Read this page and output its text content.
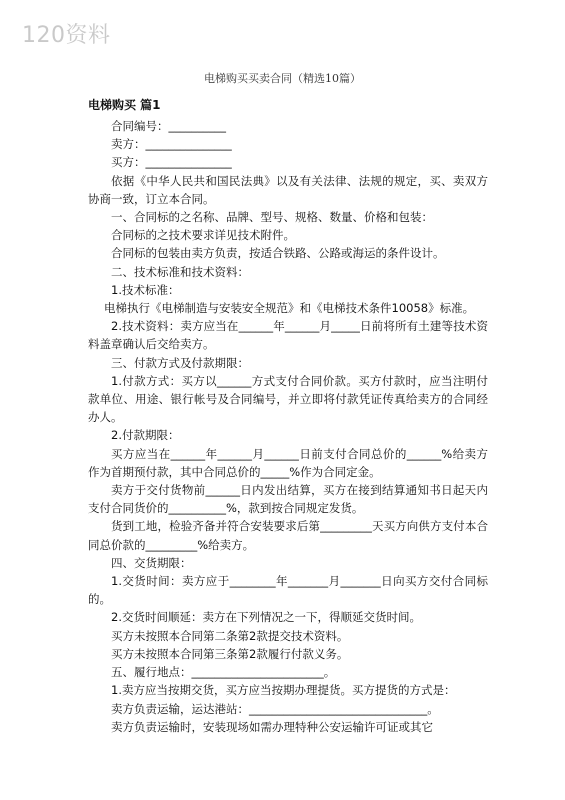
120资料
电梯购买买卖合同（精选10篇）
电梯购买 篇1

合同编号：__________

卖方：_______________

买方：_______________

依据《中华人民共和国民法典》以及有关法律、法规的规定，买、卖双方协商一致，订立本合同。

一、合同标的之名称、品牌、型号、规格、数量、价格和包装：

合同标的之技术要求详见技术附件。

合同标的包装由卖方负责，按适合铁路、公路或海运的条件设计。

二、技术标准和技术资料：

1.技术标准：

电梯执行《电梯制造与安装安全规范》和《电梯技术条件10058》标准。

2.技术资料：卖方应当在______年______月_____日前将所有土建等技术资料盖章确认后交给卖方。

三、付款方式及付款期限：

1.付款方式：买方以______方式支付合同价款。买方付款时，应当注明付款单位、用途、银行帐号及合同编号，并立即将付款凭证传真给卖方的合同经办人。

2.付款期限：

买方应当在______年______月______日前支付合同总价的______%给卖方作为首期预付款，其中合同总价的_____%作为合同定金。

卖方于交付货物前______日内发出结算，买方在接到结算通知书日起天内支付合同货价的__________%，款到按合同规定发货。

货到工地，检验齐备并符合安装要求后第_________天买方向供方支付本合同总价款的_________%给卖方。

四、交货期限：

1.交货时间：卖方应于________年_______月_______日向买方交付合同标的。

2.交货时间顺延：卖方在下列情况之一下，得顺延交货时间。

买方未按照本合同第二条第2款提交技术资料。

买方未按照本合同第三条第2款履行付款义务。

五、履行地点：_______________________。

1.卖方应当按期交货，买方应当按期办理提货。买方提货的方式是：

卖方负责运输，运达港站：_______________________________。

卖方负责运输时，安装现场如需办理特种公安运输许可证或其它
